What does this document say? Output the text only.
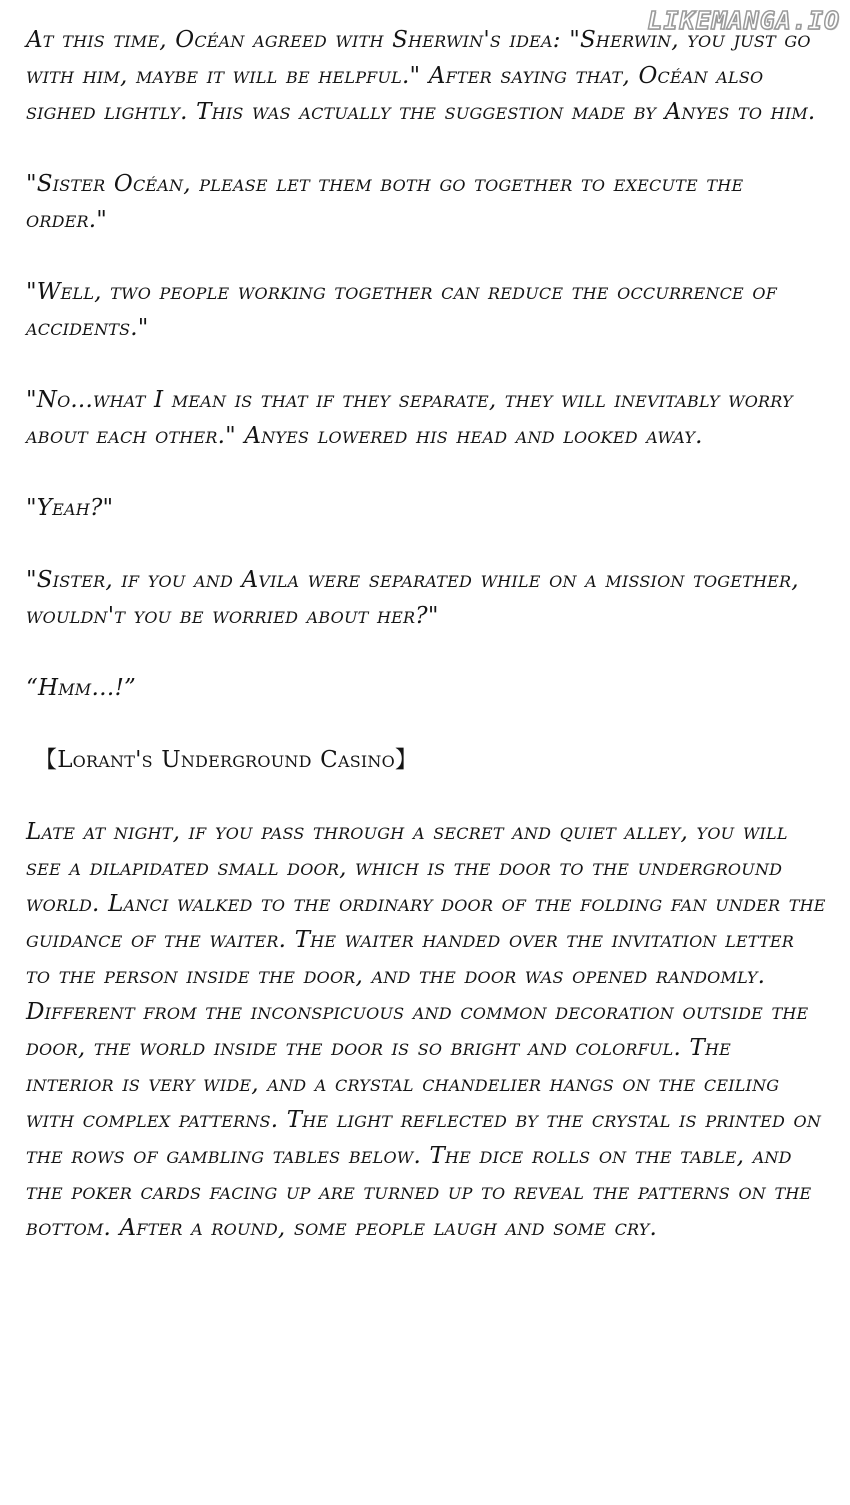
LIKEMANGA.IO

At this time, Océan agreed with Sherwin's idea: "Sherwin, you just go with him, maybe it will be helpful." After saying that, Océan also sighed lightly. This was actually the suggestion made by Anyes to him.

"Sister Océan, please let them both go together to execute the order."

"Well, two people working together can reduce the occurrence of accidents."

"No...what I mean is that if they separate, they will inevitably worry about each other." Anyes lowered his head and looked away.

"Yeah?"

"Sister, if you and Avila were separated while on a mission together, wouldn't you be worried about her?"

“Hmm…!”

【Lorant's Underground Casino】

Late at night, if you pass through a secret and quiet alley, you will see a dilapidated small door, which is the door to the underground world. Lanci walked to the ordinary door of the folding fan under the guidance of the waiter. The waiter handed over the invitation letter to the person inside the door, and the door was opened randomly. Different from the inconspicuous and common decoration outside the door, the world inside the door is so bright and colorful. The interior is very wide, and a crystal chandelier hangs on the ceiling with complex patterns. The light reflected by the crystal is printed on the rows of gambling tables below. The dice rolls on the table, and the poker cards facing up are turned up to reveal the patterns on the bottom. After a round, some people laugh and some cry.
